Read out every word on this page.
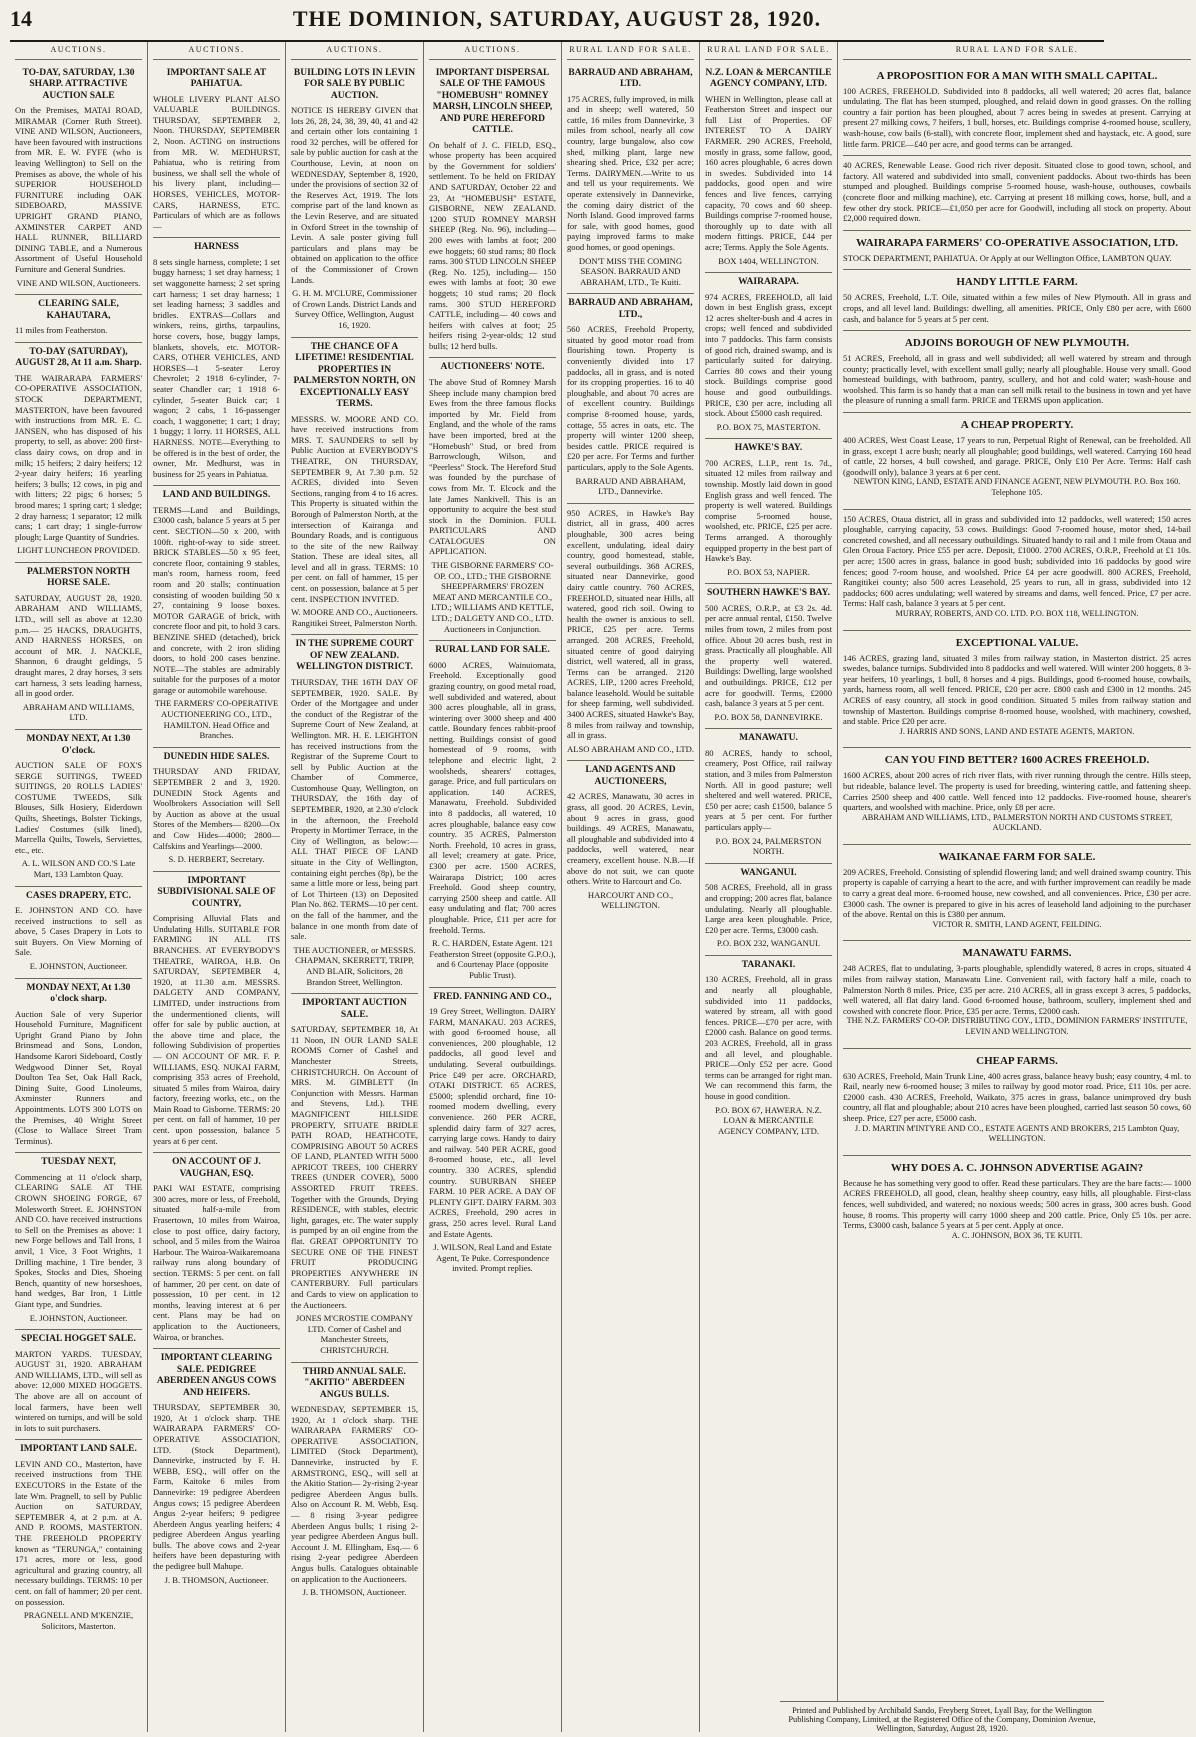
14	THE DOMINION, SATURDAY, AUGUST 28, 1920.
AUCTIONS.
TO-DAY, SATURDAY, 1.30 SHARP. ATTRACTIVE AUCTION SALE
On the Premises, MATAI ROAD, MIRAMAR (Corner Ruth Street). VINE AND WILSON, Auctioneers, have been favoured with instructions from MR. E. W. FYFE (who is leaving Wellington) to Sell on the Premises as above, the whole of his SUPERIOR HOUSEHOLD FURNITURE including OAK SIDEBOARD, MASSIVE UPRIGHT GRAND PIANO, AXMINSTER CARPET AND HALL RUNNER, BILLIARD DINING TABLE, and a Numerous Assortment of Useful Household Furniture and General Sundries.
VINE AND WILSON, Auctioneers.
CLEARING SALE, KAHAUTARA,
11 miles from Featherston.
TO-DAY (SATURDAY), AUGUST 28, At 11 a.m. Sharp.
THE WAIRARAPA FARMERS' CO-OPERATIVE ASSOCIATION, STOCK DEPARTMENT, MASTERTON, have been favoured with instructions from MR. E. C. JANSEN, who has disposed of his property, to sell, as above: 200 first-class dairy cows, on drop and in milk; 15 heifers; 2 dairy heifers; 12 2-year dairy heifers; 16 yearling heifers; 3 bulls; 12 cows, in pig and with litters; 22 pigs; 6 horses; 5 brood mares; 1 spring cart; 1 sledge; 2 dray harness; 1 separator; 12 milk cans; 1 cart dray; 1 single-furrow plough; Large Quantity of Sundries.
LIGHT LUNCHEON PROVIDED.
PALMERSTON NORTH HORSE SALE.
SATURDAY, AUGUST 28, 1920. ABRAHAM AND WILLIAMS, LTD., will sell as above at 12.30 p.m.— 25 HACKS, DRAUGHTS, AND HARNESS HORSES, on account of MR. J. NACKLE, Shannon, 6 draught geldings, 5 draught mares, 2 dray horses, 3 sets cart harness, 3 sets leading harness, all in good order.
ABRAHAM AND WILLIAMS, LTD.
MONDAY NEXT, At 1.30 O'clock.
AUCTION SALE OF FOX'S SERGE SUITINGS, TWEED SUITINGS, 20 ROLLS LADIES' COSTUME TWEEDS, Silk Blouses, Silk Hosiery, Eiderdown Quilts, Sheetings, Bolster Tickings, Ladies' Costumes (silk lined), Marcella Quilts, Towels, Serviettes, etc., etc.
A. L. WILSON AND CO.'S Late Mart, 133 Lambton Quay.
CASES DRAPERY, ETC.
E. JOHNSTON AND CO. have received instructions to sell as above, 5 Cases Drapery in Lots to suit Buyers. On View Morning of Sale.
E. JOHNSTON, Auctioneer.
MONDAY NEXT, At 1.30 o'clock sharp.
Auction Sale of very Superior Household Furniture, Magnificent Upright Grand Piano by John Brinsmead and Sons, London, Handsome Karori Sideboard, Costly Wedgwood Dinner Set, Royal Doulton Tea Set, Oak Hall Rack, Dining Suite, Good Linoleums, Axminster Runners and Appointments. LOTS 300 LOTS on the Premises, 40 Wright Street (Close to Wallace Street Tram Terminus).
TUESDAY NEXT,
Commencing at 11 o'clock sharp, CLEARING SALE AT THE CROWN SHOEING FORGE, 67 Molesworth Street. E. JOHNSTON AND CO. have received instructions to Sell on the Premises as above: 1 new Forge bellows and Tall Irons, 1 anvil, 1 Vice, 3 Foot Wrights, 1 Drilling machine, 1 Tire bender, 3 Spokes, Stocks and Dies, Shoeing Bench, quantity of new horseshoes, hand wedges, Bar Iron, 1 Little Giant type, and Sundries.
E. JOHNSTON, Auctioneer.
SPECIAL HOGGET SALE.
MARTON YARDS. TUESDAY, AUGUST 31, 1920. ABRAHAM AND WILLIAMS, LTD., will sell as above: 12,000 MIXED HOGGETS. The above are all on account of local farmers, have been well wintered on turnips, and will be sold in lots to suit purchasers.
IMPORTANT LAND SALE.
LEVIN AND CO., Masterton, have received instructions from THE EXECUTORS in the Estate of the late Wm. Pragnell, to sell by Public Auction on SATURDAY, SEPTEMBER 4, at 2 p.m. at A. AND P. ROOMS, MASTERTON. THE FREEHOLD PROPERTY known as "TERUNGA," containing 171 acres, more or less, good agricultural and grazing country, all necessary buildings. TERMS: 10 per cent. on fall of hammer; 20 per cent. on possession.
PRAGNELL AND M'KENZIE, Solicitors, Masterton.
AUCTIONS.
IMPORTANT SALE AT PAHIATUA.
WHOLE LIVERY PLANT ALSO VALUABLE BUILDINGS. THURSDAY, SEPTEMBER 2, Noon. THURSDAY, SEPTEMBER 2, Noon. ACTING on instructions from MR. W. MEDHURST, Pahiatua, who is retiring from business, we shall sell the whole of his livery plant, including— HORSES, VEHICLES, MOTOR-CARS, HARNESS, ETC. Particulars of which are as follows—
HARNESS
8 sets single harness, complete; 1 set buggy harness; 1 set dray harness; 1 set waggonette harness; 2 set spring cart harness; 1 set dray harness; 1 set leading harness; 3 saddles and bridles. EXTRAS—Collars and winkers, reins, girths, tarpaulins, horse covers, hose, buggy lamps, blankets, shovels, etc. MOTOR-CARS, OTHER VEHICLES, AND HORSES—1 5-seater Leroy Chevrolet; 2 1918 6-cylinder, 7-seater Chandler car; 1 1918 6-cylinder, 5-seater Buick car; 1 wagon; 2 cabs, 1 16-passenger coach, 1 waggonette; 1 cart; 1 dray; 1 buggy; 1 lorry. 11 HORSES, ALL HARNESS. NOTE—Everything to be offered is in the best of order, the owner, Mr. Medhurst, was in business for 25 years in Pahiatua.
LAND AND BUILDINGS.
TERMS—Land and Buildings, £3000 cash, balance 5 years at 5 per cent. SECTION—50 x 200, with 100ft. right-of-way to side street. BRICK STABLES—50 x 95 feet, concrete floor, containing 9 stables, man's room, harness room, feed room and 20 stalls; continuation consisting of wooden building 50 x 27, containing 9 loose boxes. MOTOR GARAGE of brick, with concrete floor and pit, to hold 3 cars. BENZINE SHED (detached), brick and concrete, with 2 iron sliding doors, to hold 200 cases benzine. NOTE—The stables are admirably suitable for the purposes of a motor garage or automobile warehouse.
THE FARMERS' CO-OPERATIVE AUCTIONEERING CO., LTD., HAMILTON. Head Office and Branches.
DUNEDIN HIDE SALES.
THURSDAY AND FRIDAY, SEPTEMBER 2 and 3, 1920. DUNEDIN Stock Agents and Woolbrokers Association will Sell by Auction as above at the usual Stores of the Members— 8200—Ox and Cow Hides—4000; 2800—Calfskins and Yearlings—2000.
S. D. HERBERT, Secretary.
IMPORTANT SUBDIVISIONAL SALE OF COUNTRY,
Comprising Alluvial Flats and Undulating Hills. SUITABLE FOR FARMING IN ALL ITS BRANCHES. AT EVERYBODY'S THEATRE, WAIROA, H.B. On SATURDAY, SEPTEMBER 4, 1920, at 11.30 a.m. MESSRS. DALGETY AND COMPANY, LIMITED, under instructions from the undermentioned clients, will offer for sale by public auction, at the above time and place, the following Subdivision of properties— ON ACCOUNT OF MR. F. P. WILLIAMS, ESQ. NUKAI FARM, comprising 353 acres of Freehold, situated 5 miles from Wairoa, dairy factory, freezing works, etc., on the Main Road to Gisborne. TERMS: 20 per cent. on fall of hammer, 10 per cent. upon possession, balance 5 years at 6 per cent.
ON ACCOUNT OF J. VAUGHAN, ESQ.
PAKI WAI ESTATE, comprising 300 acres, more or less, of Freehold, situated half-a-mile from Frasertown, 10 miles from Wairoa, close to post office, dairy factory, school, and 5 miles from the Wairoa Harbour. The Wairoa-Waikaremoana railway runs along boundary of section. TERMS: 5 per cent. on fall of hammer, 20 per cent. on date of possession, 10 per cent. in 12 months, leaving interest at 6 per cent. Plans may be had on application to the Auctioneers, Wairoa, or branches.
IMPORTANT CLEARING SALE. PEDIGREE ABERDEEN ANGUS COWS AND HEIFERS.
THURSDAY, SEPTEMBER 30, 1920, At 1 o'clock sharp. THE WAIRARAPA FARMERS' CO-OPERATIVE ASSOCIATION, LTD. (Stock Department), Dannevirke, instructed by F. H. WEBB, ESQ., will offer on the Farm, Kaitoke 6 miles from Dannevirke: 19 pedigree Aberdeen Angus cows; 15 pedigree Aberdeen Angus 2-year heifers; 9 pedigree Aberdeen Angus yearling heifers; 4 pedigree Aberdeen Angus yearling bulls. The above cows and 2-year heifers have been depasturing with the pedigree bull Mahupe.
J. B. THOMSON, Auctioneer.
AUCTIONS.
BUILDING LOTS IN LEVIN FOR SALE BY PUBLIC AUCTION.
NOTICE IS HEREBY GIVEN that lots 26, 28, 24, 38, 39, 40, 41 and 42 and certain other lots containing 1 rood 32 perches, will be offered for sale by public auction for cash at the Courthouse, Levin, at noon on WEDNESDAY, September 8, 1920, under the provisions of section 32 of the Reserves Act, 1919. The lots comprise part of the land known as the Levin Reserve, and are situated in Oxford Street in the township of Levin. A sale poster giving full particulars and plans may be obtained on application to the office of the Commissioner of Crown Lands.
G. H. M. M'CLURE, Commissioner of Crown Lands. District Lands and Survey Office, Wellington, August 16, 1920.
THE CHANCE OF A LIFETIME! RESIDENTIAL PROPERTIES IN PALMERSTON NORTH, ON EXCEPTIONALLY EASY TERMS.
MESSRS. W. MOORE AND CO. have received instructions from MRS. T. SAUNDERS to sell by Public Auction at EVERYBODY'S THEATRE, ON THURSDAY, SEPTEMBER 9, At 7.30 p.m. 52 ACRES, divided into Seven Sections, ranging from 4 to 16 acres. This Property is situated within the Borough of Palmerston North, at the intersection of Kairanga and Boundary Roads, and is contiguous to the site of the new Railway Station. These are ideal sites, all level and all in grass. TERMS: 10 per cent. on fall of hammer, 15 per cent. on possession, balance at 5 per cent. INSPECTION INVITED.
W. MOORE AND CO., Auctioneers. Rangitikei Street, Palmerston North.
IN THE SUPREME COURT OF NEW ZEALAND. WELLINGTON DISTRICT.
THURSDAY, THE 16TH DAY OF SEPTEMBER, 1920. SALE. By Order of the Mortgagee and under the conduct of the Registrar of the Supreme Court of New Zealand, at Wellington. MR. H. E. LEIGHTON has received instructions from the Registrar of the Supreme Court to sell by Public Auction at the Chamber of Commerce, Customhouse Quay, Wellington, on THURSDAY, the 16th day of SEPTEMBER, 1920, at 2.30 o'clock in the afternoon, the Freehold Property in Mortimer Terrace, in the City of Wellington, as below:— ALL THAT PIECE OF LAND situate in the City of Wellington, containing eight perches (8p), be the same a little more or less, being part of Lot Thirteen (13) on Deposited Plan No. 862. TERMS—10 per cent. on the fall of the hammer, and the balance in one month from date of sale.
THE AUCTIONEER, or MESSRS. CHAPMAN, SKERRETT, TRIPP, AND BLAIR, Solicitors, 28 Brandon Street, Wellington.
IMPORTANT AUCTION SALE.
SATURDAY, SEPTEMBER 18, At 11 Noon, IN OUR LAND SALE ROOMS Corner of Cashel and Manchester Streets, CHRISTCHURCH. On Account of MRS. M. GIMBLETT (In Conjunction with Messrs. Harman and Stevens, Ltd.). THE MAGNIFICENT HILLSIDE PROPERTY, SITUATE BRIDLE PATH ROAD, HEATHCOTE, COMPRISING ABOUT 50 ACRES OF LAND, PLANTED WITH 5000 APRICOT TREES, 100 CHERRY TREES (UNDER COVER), 5000 ASSORTED FRUIT TREES. Together with the Grounds, Drying RESIDENCE, with stables, electric light, garages, etc. The water supply is pumped by an oil engine from the flat. GREAT OPPORTUNITY TO SECURE ONE OF THE FINEST FRUIT PRODUCING PROPERTIES ANYWHERE IN CANTERBURY. Full particulars and Cards to view on application to the Auctioneers.
JONES M'CROSTIE COMPANY LTD. Corner of Cashel and Manchester Streets, CHRISTCHURCH.
THIRD ANNUAL SALE. "AKITIO" ABERDEEN ANGUS BULLS.
WEDNESDAY, SEPTEMBER 15, 1920, At 1 o'clock sharp. THE WAIRARAPA FARMERS' CO-OPERATIVE ASSOCIATION, LIMITED (Stock Department), Dannevirke, instructed by F. ARMSTRONG, ESQ., will sell at the Akitio Station— 2y-rising 2-year pedigree Aberdeen Angus bulls. Also on Account R. M. Webb, Esq.— 8 rising 3-year pedigree Aberdeen Angus bulls; 1 rising 2-year pedigree Aberdeen Angus bull. Account J. M. Ellingham, Esq.— 6 rising 2-year pedigree Aberdeen Angus bulls. Catalogues obtainable on application to the Auctioneers.
J. B. THOMSON, Auctioneer.
AUCTIONS.
IMPORTANT DISPERSAL SALE OF THE FAMOUS "HOMEBUSH" ROMNEY MARSH, LINCOLN SHEEP, AND PURE HEREFORD CATTLE.
On behalf of J. C. FIELD, ESQ., whose property has been acquired by the Government for soldiers' settlement. To be held on FRIDAY AND SATURDAY, October 22 and 23, At "HOMEBUSH" ESTATE, GISBORNE, NEW ZEALAND. 1200 STUD ROMNEY MARSH SHEEP (Reg. No. 96), including— 200 ewes with lambs at foot; 200 ewe hoggets; 60 stud rams; 80 flock rams. 300 STUD LINCOLN SHEEP (Reg. No. 125), including— 150 ewes with lambs at foot; 30 ewe hoggets; 10 stud rams; 20 flock rams. 300 STUD HEREFORD CATTLE, including— 40 cows and heifers with calves at foot; 25 heifers rising 2-year-olds; 12 stud bulls; 12 herd bulls.
AUCTIONEERS' NOTE.
The above Stud of Romney Marsh Sheep include many champion bred Ewes from the three famous flocks imported by Mr. Field from England, and the whole of the rams have been imported, bred at the "Homebush" Stud, or bred from Barrowclough, Wilson, and "Peerless" Stock. The Hereford Stud was founded by the purchase of cows from Mr. T. Elcock and the late James Nankivell. This is an opportunity to acquire the best stud stock in the Dominion. FULL PARTICULARS AND CATALOGUES ON APPLICATION.
THE GISBORNE FARMERS' CO-OP. CO., LTD.; THE GISBORNE SHEEPFARMERS' FROZEN MEAT AND MERCANTILE CO., LTD.; WILLIAMS AND KETTLE, LTD.; DALGETY AND CO., LTD. Auctioneers in Conjunction.
RURAL LAND FOR SALE.
6000 ACRES, Wainuiomata, Freehold. Exceptionally good grazing country, on good metal road, well subdivided and watered, about 300 acres ploughable, all in grass, wintering over 3000 sheep and 400 cattle. Boundary fences rabbit-proof netting. Buildings consist of good homestead of 9 rooms, with telephone and electric light, 2 woolsheds, shearers' cottages, garage. Price, and full particulars on application. 140 ACRES, Manawatu, Freehold. Subdivided into 8 paddocks, all watered, 10 acres ploughable, balance easy cow country. 35 ACRES, Palmerston North. Freehold, 10 acres in grass, all level; creamery at gate. Price, £300 per acre. 1500 ACRES, Wairarapa District; 100 acres Freehold. Good sheep country, carrying 2500 sheep and cattle. All easy undulating and flat; 700 acres ploughable. Price, £11 per acre for freehold. Terms.
R. C. HARDEN, Estate Agent. 121 Featherston Street (opposite G.P.O.), and 6 Courtenay Place (opposite Public Trust).
FRED. FANNING AND CO.,
19 Grey Street, Wellington. DAIRY FARM, MANAKAU. 203 ACRES, with good 6-roomed house, all conveniences, 200 ploughable, 12 paddocks, all good level and undulating. Several outbuildings. Price £49 per acre. ORCHARD, OTAKI DISTRICT. 65 ACRES, £5000; splendid orchard, fine 10-roomed modern dwelling, every convenience. 260 PER ACRE, splendid dairy farm of 327 acres, carrying large cows. Handy to dairy and railway. 540 PER ACRE, good 8-roomed house, etc., all level country. 330 ACRES, splendid country. SUBURBAN SHEEP FARM. 10 PER ACRE. A DAY OF PLENTY GIFT. DAIRY FARM. 303 ACRES, Freehold, 290 acres in grass, 250 acres level. Rural Land and Estate Agents.
J. WILSON, Real Land and Estate Agent, Te Puke. Correspondence invited. Prompt replies.
RURAL LAND FOR SALE.
BARRAUD AND ABRAHAM, LTD.
175 ACRES, fully improved, in milk and in sheep; well watered, 50 cattle, 16 miles from Dannevirke, 3 miles from school, nearly all cow country, large bungalow, also cow shed, milking plant, large new shearing shed. Price, £32 per acre; Terms. DAIRYMEN.—Write to us and tell us your requirements. We operate extensively in Dannevirke, the coming dairy district of the North Island. Good improved farms for sale, with good homes, good paying improved farms to make good homes, or good openings.
DON'T MISS THE COMING SEASON. BARRAUD AND ABRAHAM, LTD., Te Kuiti.
BARRAUD AND ABRAHAM, LTD.,
560 ACRES, Freehold Property, situated by good motor road from flourishing town. Property is conveniently divided into 17 paddocks, all in grass, and is noted for its cropping properties. 16 to 40 ploughable, and about 70 acres are of excellent country. Buildings comprise 8-roomed house, yards, cottage, 55 acres in oats, etc. The property will winter 1200 sheep, besides cattle. PRICE required is £20 per acre. For Terms and further particulars, apply to the Sole Agents.
BARRAUD AND ABRAHAM, LTD., Dannevirke.
950 ACRES, in Hawke's Bay district, all in grass, 400 acres ploughable, 300 acres being excellent, undulating, ideal dairy country, good homestead, stable, several outbuildings. 368 ACRES, situated near Dannevirke, good dairy cattle country. 760 ACRES, FREEHOLD, situated near Hills, all watered, good rich soil. Owing to health the owner is anxious to sell. PRICE, £25 per acre. Terms arranged. 208 ACRES, Freehold, situated centre of good dairying district, well watered, all in grass, Terms can be arranged. 2120 ACRES, LIP., 1200 acres Freehold, balance leasehold. Would be suitable for sheep farming, well subdivided. 3400 ACRES, situated Hawke's Bay, 8 miles from railway and township, all in grass.
ALSO ABRAHAM AND CO., LTD.
LAND AGENTS AND AUCTIONEERS,
42 ACRES, Manawatu, 30 acres in grass, all good. 20 ACRES, Levin, about 9 acres in grass, good buildings. 49 ACRES, Manawatu, all ploughable and subdivided into 4 paddocks, well watered, near creamery, excellent house. N.B.—If above do not suit, we can quote others. Write to Harcourt and Co.
HARCOURT AND CO., WELLINGTON.
RURAL LAND FOR SALE.
N.Z. LOAN & MERCANTILE AGENCY COMPANY, LTD.
WHEN in Wellington, please call at Featherston Street and inspect our full List of Properties. OF INTEREST TO A DAIRY FARMER. 290 ACRES, Freehold, mostly in grass, some fallow, good, 160 acres ploughable, 6 acres down in swedes. Subdivided into 14 paddocks, good open and wire fences and live fences, carrying capacity, 70 cows and 60 sheep. Buildings comprise 7-roomed house, thoroughly up to date with all modern fittings. PRICE, £44 per acre; Terms. Apply the Sole Agents.
BOX 1404, WELLINGTON.
WAIRARAPA.
974 ACRES, FREEHOLD, all laid down in best English grass, except 12 acres shelter-bush and 4 acres in crops; well fenced and subdivided into 7 paddocks. This farm consists of good rich, drained swamp, and is particularly suited for dairying. Carries 80 cows and their young stock. Buildings comprise good house and good outbuildings. PRICE, £30 per acre, including all stock. About £5000 cash required.
P.O. BOX 75, MASTERTON.
HAWKE'S BAY.
700 ACRES, L.I.P., rent 1s. 7d., situated 12 miles from railway and township. Mostly laid down in good English grass and well fenced. The property is well watered. Buildings comprise 5-roomed house, woolshed, etc. PRICE, £25 per acre. Terms arranged. A thoroughly equipped property in the best part of Hawke's Bay.
P.O. BOX 53, NAPIER.
SOUTHERN HAWKE'S BAY.
500 ACRES, O.R.P., at £3 2s. 4d. per acre annual rental, £150. Twelve miles from town, 2 miles from post office. About 20 acres bush, rest in grass. Practically all ploughable. All the property well watered. Buildings: Dwelling, large woolshed and outbuildings. PRICE, £12 per acre for goodwill. Terms, £2000 cash, balance 3 years at 5 per cent.
P.O. BOX 58, DANNEVIRKE.
MANAWATU.
80 ACRES, handy to school, creamery, Post Office, rail railway station, and 3 miles from Palmerston North. All in good pasture; well sheltered and well watered. PRICE, £50 per acre; cash £1500, balance 5 years at 5 per cent. For further particulars apply—
P.O. BOX 24, PALMERSTON NORTH.
WANGANUI.
508 ACRES, Freehold, all in grass and cropping; 200 acres flat, balance undulating. Nearly all ploughable. Large area keen ploughable. Price, £20 per acre. Terms, £3000 cash.
P.O. BOX 232, WANGANUI.
TARANAKI.
130 ACRES, Freehold, all in grass and nearly all ploughable, subdivided into 11 paddocks, watered by stream, all with good fences. PRICE—£70 per acre, with £2000 cash. Balance on good terms. 203 ACRES, Freehold, all in grass and all level, and ploughable. PRICE—Only £52 per acre. Good terms can be arranged for right man. We can recommend this farm, the house in good condition.
P.O. BOX 67, HAWERA. N.Z. LOAN & MERCANTILE AGENCY COMPANY, LTD.
RURAL LAND FOR SALE.
A PROPOSITION FOR A MAN WITH SMALL CAPITAL.
100 ACRES, FREEHOLD. Subdivided into 8 paddocks, all well watered; 20 acres flat, balance undulating. The flat has been stumped, ploughed, and relaid down in good grasses. On the rolling country a fair portion has been ploughed, about 7 acres being in swedes at present. Carrying at present 27 milking cows, 7 heifers, 1 bull, horses, etc. Buildings comprise 4-roomed house, scullery, wash-house, cow bails (6-stall), with concrete floor, implement shed and haystack, etc. A good, sure little farm. PRICE—£40 per acre, and good terms can be arranged.
40 ACRES, Renewable Lease. Good rich river deposit. Situated close to good town, school, and factory. All watered and subdivided into small, convenient paddocks. About two-thirds has been stumped and ploughed. Buildings comprise 5-roomed house, wash-house, outhouses, cowbails (concrete floor and milking machine), etc. Carrying at present 18 milking cows, horse, bull, and a few other dry stock. PRICE—£1,050 per acre for Goodwill, including all stock on property. About £2,000 required down.
WAIRARAPA FARMERS' CO-OPERATIVE ASSOCIATION, LTD.
STOCK DEPARTMENT, PAHIATUA. Or Apply at our Wellington Office, LAMBTON QUAY.
HANDY LITTLE FARM.
50 ACRES, Freehold, L.T. Oile, situated within a few miles of New Plymouth. All in grass and crops, and all level land. Buildings: dwelling, all amenities. PRICE, Only £80 per acre, with £600 cash, and balance for 5 years at 5 per cent.
ADJOINS BOROUGH OF NEW PLYMOUTH.
51 ACRES, Freehold, all in grass and well subdivided; all well watered by stream and through county; practically level, with excellent small gully; nearly all ploughable. House very small. Good homestead buildings, with bathroom, pantry, scullery, and hot and cold water; wash-house and woolshed. This farm is so handy that a man can sell milk retail to the business in town and yet have the pleasure of running a small farm. PRICE and TERMS upon application.
A CHEAP PROPERTY.
400 ACRES, West Coast Lease, 17 years to run, Perpetual Right of Renewal, can be freeholded. All in grass, except 1 acre bush; nearly all ploughable; good buildings, well watered. Carrying 160 head of cattle, 22 horses, 4 bull cowshed, and garage. PRICE, Only £10 Per Acre. Terms: Half cash (goodwill only), balance 3 years at 6 per cent.
NEWTON KING, LAND, ESTATE AND FINANCE AGENT, NEW PLYMOUTH. P.O. Box 160. Telephone 105.
150 ACRES, Otaua district, all in grass and subdivided into 12 paddocks, well watered; 150 acres ploughable, carrying capacity, 53 cows. Buildings: Good 7-roomed house, motor shed, 14-bail concreted cowshed, and all necessary outbuildings. Situated handy to rail and 1 mile from Otaua and Glen Oroua Factory. Price £55 per acre. Deposit, £1000. 2700 ACRES, O.R.P., Freehold at £1 10s. per acre; 1500 acres in grass, balance in good bush; subdivided into 16 paddocks by good wire fences; good 7-room house, and woolshed. Price £4 per acre goodwill. 800 ACRES, Freehold, Rangitikei county; also 500 acres Leasehold, 25 years to run, all in grass, subdivided into 12 paddocks; 600 acres undulating; well watered by streams and dams, well fenced. Price, £7 per acre. Terms: Half cash, balance 3 years at 5 per cent.
MURRAY, ROBERTS, AND CO. LTD. P.O. BOX 118, WELLINGTON.
EXCEPTIONAL VALUE.
146 ACRES, grazing land, situated 3 miles from railway station, in Masterton district. 25 acres swedes, balance turnips. Subdivided into 8 paddocks and well watered. Will winter 200 hoggets, 8 3-year heifers, 10 yearlings, 1 bull, 8 horses and 4 pigs. Buildings, good 6-roomed house, cowbails, yards, harness room, all well fenced. PRICE, £20 per acre. £800 cash and £300 in 12 months. 245 ACRES of easy country, all stock in good condition. Situated 5 miles from railway station and township of Masterton. Buildings comprise 8-roomed house, woolshed, with machinery, cowshed, and stable. Price £20 per acre.
J. HARRIS AND SONS, LAND AND ESTATE AGENTS, MARTON.
CAN YOU FIND BETTER? 1600 ACRES FREEHOLD.
1600 ACRES, about 200 acres of rich river flats, with river running through the centre. Hills steep, but rideable, balance level. The property is used for breeding, wintering cattle, and fattening sheep. Carries 2500 sheep and 400 cattle. Well fenced into 12 paddocks. Five-roomed house, shearer's quarters, and woolshed with machine. Price, only £8 per acre.
ABRAHAM AND WILLIAMS, LTD., PALMERSTON NORTH AND CUSTOMS STREET, AUCKLAND.
WAIKANAE FARM FOR SALE.
209 ACRES, Freehold. Consisting of splendid flowering land; and well drained swamp country. This property is capable of carrying a heart to the acre, and with further improvement can readily be made to carry a great deal more. 6-roomed house, new cowshed, and all conveniences. Price, £30 per acre. £3000 cash. The owner is prepared to give in his acres of leasehold land adjoining to the purchaser of the above. Rental on this is £380 per annum.
VICTOR R. SMITH, LAND AGENT, FEILDING.
MANAWATU FARMS.
248 ACRES, flat to undulating, 3-parts ploughable, splendidly watered, 8 acres in crops, situated 4 miles from railway station, Manawatu Line. Convenient rail, with factory half a mile, coach to Palmerston North 8 miles. Price, £35 per acre. 210 ACRES, all in grass except 3 acres, 5 paddocks, well watered, all flat dairy land. Good 6-roomed house, bathroom, scullery, implement shed and cowshed with concrete floor. Price, £35 per acre. Terms, £2000 cash.
THE N.Z. FARMERS' CO-OP. DISTRIBUTING COY., LTD., DOMINION FARMERS' INSTITUTE, LEVIN AND WELLINGTON.
CHEAP FARMS.
630 ACRES, Freehold, Main Trunk Line, 400 acres grass, balance heavy bush; easy country, 4 ml. to Rail, nearly new 6-roomed house; 3 miles to railway by good motor road. Price, £11 10s. per acre. £2000 cash. 430 ACRES, Freehold, Waikato, 375 acres in grass, balance unimproved dry bush country, all flat and ploughable; about 210 acres have been ploughed, carried last season 50 cows, 60 sheep. Price, £27 per acre, £5000 cash.
J. D. MARTIN M'INTYRE AND CO., ESTATE AGENTS AND BROKERS, 215 Lambton Quay, WELLINGTON.
WHY DOES A. C. JOHNSON ADVERTISE AGAIN?
Because he has something very good to offer. Read these particulars. They are the bare facts:— 1000 ACRES FREEHOLD, all good, clean, healthy sheep country, easy hills, all ploughable. First-class fences, well subdivided, and watered; no noxious weeds; 500 acres in grass, 300 acres bush. Good house, 8 rooms. This property will carry 1000 sheep and 200 cattle. Price, Only £5 10s. per acre. Terms, £3000 cash, balance 5 years at 5 per cent. Apply at once.
A. C. JOHNSON, BOX 36, TE KUITI.
Printed and Published by Archibald Sando, Freyberg Street, Lyall Bay, for the Wellington Publishing Company, Limited, at the Registered Office of the Company, Dominion Avenue, Wellington, Saturday, August 28, 1920.
